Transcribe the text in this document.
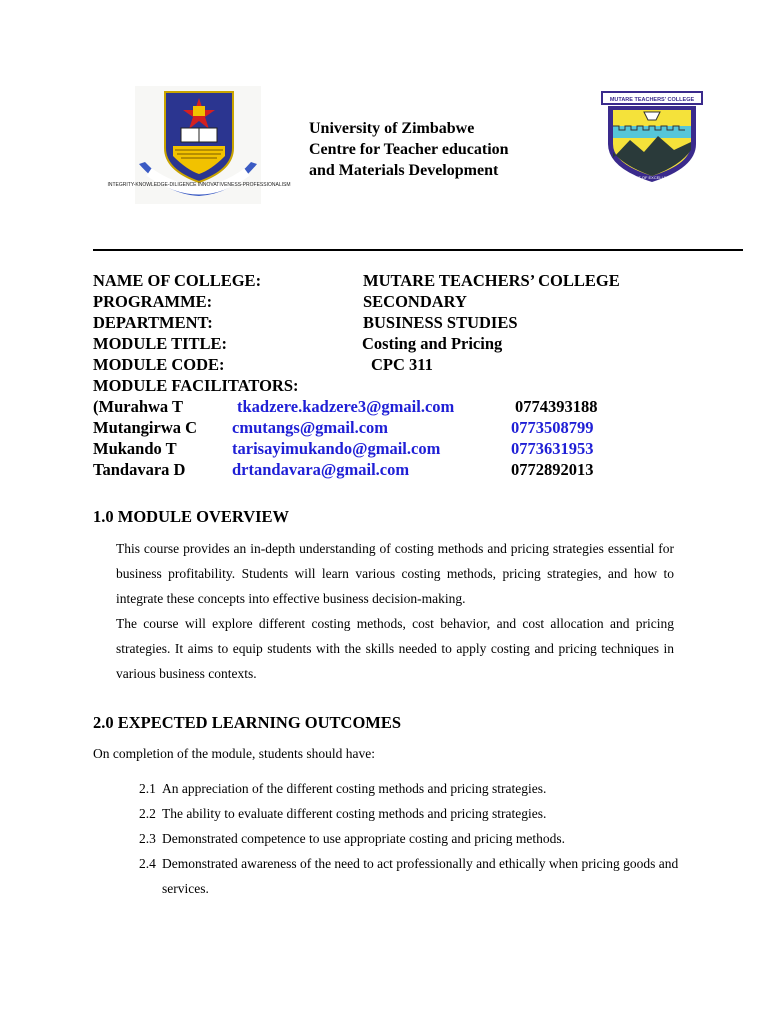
INTEGRITY-KNOWLEDGE-DILIGENCE INNOVATIVENESS-PROFESSIONALISM
MUTARE TEACHERS' COLLEGE
LIGHT OF EXCELLENCE
University of Zimbabwe
Centre for Teacher education
and Materials Development
NAME OF COLLEGE:	MUTARE TEACHERS’ COLLEGE
PROGRAMME:	SECONDARY
DEPARTMENT:	BUSINESS STUDIES
MODULE TITLE:	Costing and Pricing
MODULE CODE:	CPC 311
MODULE FACILITATORS:
(Murahwa T	tkadzere.kadzere3@gmail.com	0774393188
Mutangirwa C cmutangs@gmail.com	0773508799
Mukando T	tarisayimukando@gmail.com	0773631953
Tandavara D	drtandavara@gmail.com	0772892013
1.0 MODULE OVERVIEW

This course provides an in-depth understanding of costing methods and pricing strategies essential for business profitability. Students will learn various costing methods, pricing strategies, and how to integrate these concepts into effective business decision-making.

The course will explore different costing methods, cost behavior, and cost allocation and pricing strategies. It aims to equip students with the skills needed to apply costing and pricing techniques in various business contexts.

2.0 EXPECTED LEARNING OUTCOMES
On completion of the module, students should have:
2.1 An appreciation of the different costing methods and pricing strategies.
2.2 The ability to evaluate different costing methods and pricing strategies.
2.3 Demonstrated competence to use appropriate costing and pricing methods.
2.4 Demonstrated awareness of the need to act professionally and ethically when pricing goods and services.
